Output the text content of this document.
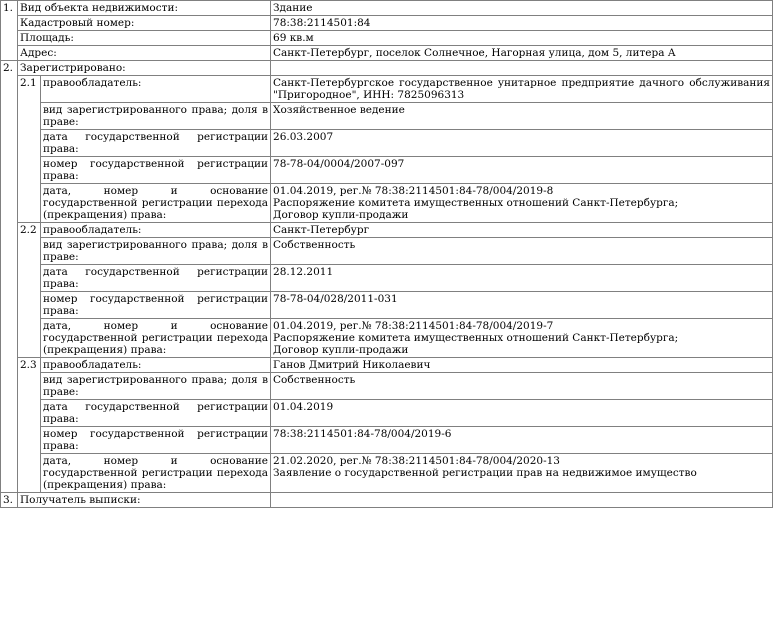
1.	Вид объекта недвижимости:		Здание
	Кадастровый номер:		78:38:2114501:84
	Площадь:		69 кв.м
	Адрес:		Санкт-Петербург, поселок Солнечное, Нагорная улица, дом 5, литера А
2.	Зарегистрировано:		
	2.1	правообладатель:	Санкт-Петербургское государственное унитарное предприятие дачного обслуживания "Пригородное", ИНН: 7825096313
		вид зарегистрированного права; доля в праве:	Хозяйственное ведение
		дата государственной регистрации права:	26.03.2007
		номер государственной регистрации права:	78-78-04/0004/2007-097
		дата, номер и основание государственной регистрации перехода (прекращения) права:	01.04.2019, рег.№ 78:38:2114501:84-78/004/2019-8
Распоряжение комитета имущественных отношений Санкт-Петербурга;
Договор купли-продажи

	2.2	правообладатель:	Санкт-Петербург
		вид зарегистрированного права; доля в праве:	Собственность
		дата государственной регистрации права:	28.12.2011
		номер государственной регистрации права:	78-78-04/028/2011-031
		дата, номер и основание государственной регистрации перехода (прекращения) права:	01.04.2019, рег.№ 78:38:2114501:84-78/004/2019-7
Распоряжение комитета имущественных отношений Санкт-Петербурга;
Договор купли-продажи

	2.3	правообладатель:	Ганов Дмитрий Николаевич
		вид зарегистрированного права; доля в праве:	Собственность
		дата государственной регистрации права:	01.04.2019
		номер государственной регистрации права:	78:38:2114501:84-78/004/2019-6
		дата, номер и основание государственной регистрации перехода (прекращения) права:	21.02.2020, рег.№ 78:38:2114501:84-78/004/2020-13
Заявление о государственной регистрации прав на недвижимое имущество

3.	Получатель выписки:		
